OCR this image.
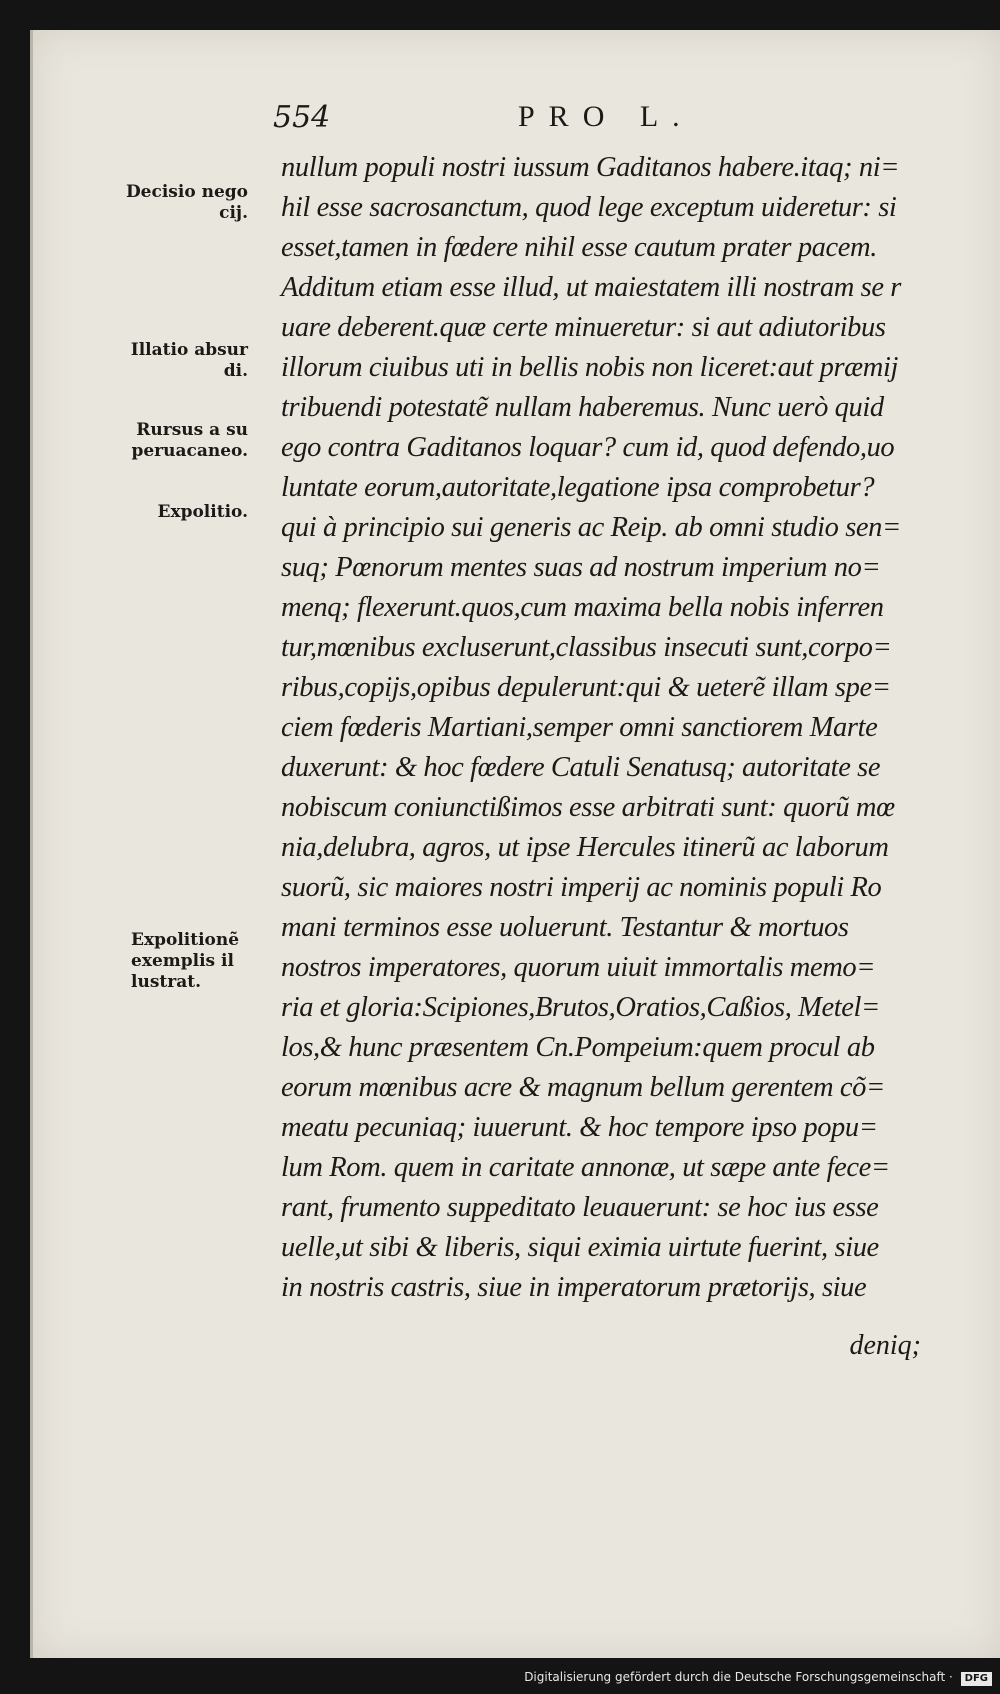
554	PRO L.
Decisio nego
cij.
Illatio absur
di.
Rursus a su
peruacaneo.
Expolitio.
Expolitionẽ
exemplis il
lustrat.
nullum populi nostri iussum Gaditanos habere.itaq; ni=
hil esse sacrosanctum, quod lege exceptum uideretur: si
esset,tamen in fœdere nihil esse cautum prater pacem.
Additum etiam esse illud, ut maiestatem illi nostram se r
uare deberent.quæ certe minueretur: si aut adiutoribus
illorum ciuibus uti in bellis nobis non liceret:aut præmij
tribuendi potestatẽ nullam haberemus. Nunc uerò quid
ego contra Gaditanos loquar? cum id, quod defendo,uo
luntate eorum,autoritate,legatione ipsa comprobetur?
qui à principio sui generis ac Reip. ab omni studio sen=
suq; Pœnorum mentes suas ad nostrum imperium no=
menq; flexerunt.quos,cum maxima bella nobis inferren
tur,mœnibus excluserunt,classibus insecuti sunt,corpo=
ribus,copijs,opibus depulerunt:qui & ueterẽ illam spe=
ciem fœderis Martiani,semper omni sanctiorem Marte
duxerunt: & hoc fœdere Catuli Senatusq; autoritate se
nobiscum coniunctißimos esse arbitrati sunt: quorũ mœ
nia,delubra, agros, ut ipse Hercules itinerũ ac laborum
suorũ, sic maiores nostri imperij ac nominis populi Ro
mani terminos esse uoluerunt. Testantur & mortuos
nostros imperatores, quorum uiuit immortalis memo=
ria et gloria:Scipiones,Brutos,Oratios,Caßios, Metel=
los,& hunc præsentem Cn.Pompeium:quem procul ab
eorum mœnibus acre & magnum bellum gerentem cõ=
meatu pecuniaq; iuuerunt. & hoc tempore ipso popu=
lum Rom. quem in caritate annonæ, ut sæpe ante fece=
rant, frumento suppeditato leuauerunt: se hoc ius esse
uelle,ut sibi & liberis, siqui eximia uirtute fuerint, siue
in nostris castris, siue in imperatorum prætorijs, siue
deniq;
Digitalisierung gefördert durch die Deutsche Forschungsgemeinschaft · DFG
